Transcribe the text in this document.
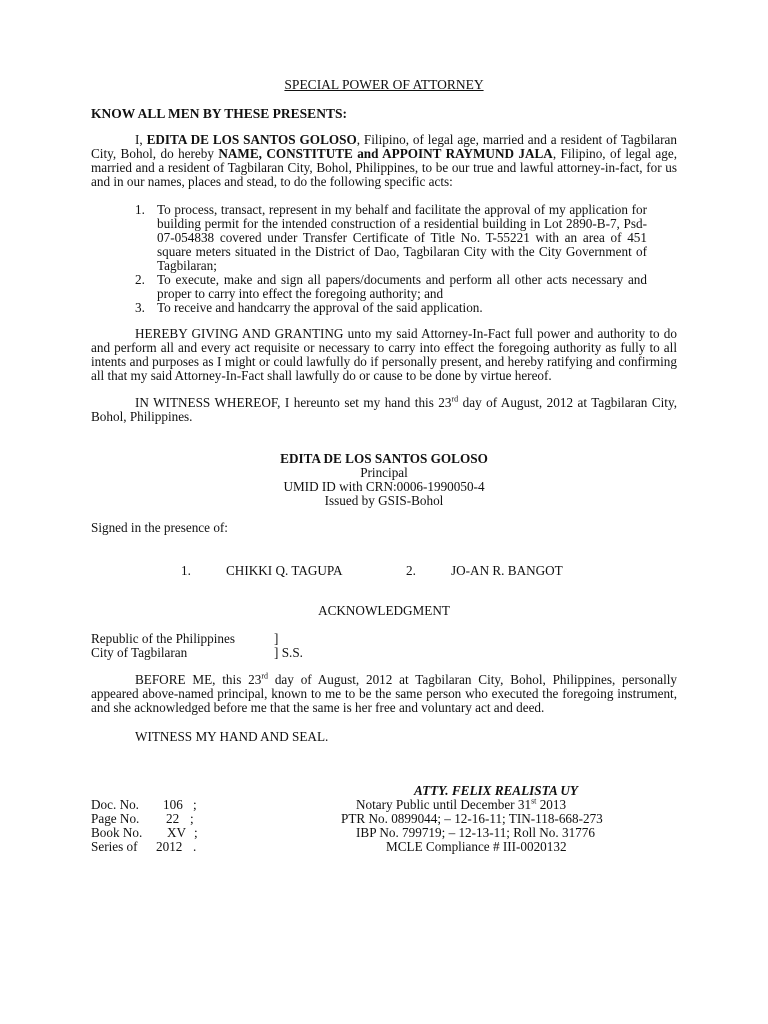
SPECIAL POWER OF ATTORNEY
KNOW ALL MEN BY THESE PRESENTS:
I, EDITA DE LOS SANTOS GOLOSO, Filipino, of legal age, married and a resident of Tagbilaran City, Bohol, do hereby NAME, CONSTITUTE and APPOINT RAYMUND JALA, Filipino, of legal age, married and a resident of Tagbilaran City, Bohol, Philippines, to be our true and lawful attorney-in-fact, for us and in our names, places and stead, to do the following specific acts:
1. To process, transact, represent in my behalf and facilitate the approval of my application for building permit for the intended construction of a residential building in Lot 2890-B-7, Psd-07-054838 covered under Transfer Certificate of Title No. T-55221 with an area of 451 square meters situated in the District of Dao, Tagbilaran City with the City Government of Tagbilaran;
2. To execute, make and sign all papers/documents and perform all other acts necessary and proper to carry into effect the foregoing authority; and
3. To receive and handcarry the approval of the said application.
HEREBY GIVING AND GRANTING unto my said Attorney-In-Fact full power and authority to do and perform all and every act requisite or necessary to carry into effect the foregoing authority as fully to all intents and purposes as I might or could lawfully do if personally present, and hereby ratifying and confirming all that my said Attorney-In-Fact shall lawfully do or cause to be done by virtue hereof.
IN WITNESS WHEREOF, I hereunto set my hand this 23rd day of August, 2012 at Tagbilaran City, Bohol, Philippines.
EDITA DE LOS SANTOS GOLOSO
Principal
UMID ID with CRN:0006-1990050-4
Issued by GSIS-Bohol
Signed in the presence of:
1.	CHIKKI Q. TAGUPA	2.	JO-AN R. BANGOT
ACKNOWLEDGMENT
Republic of the Philippines	]
City of Tagbilaran	] S.S.
BEFORE ME, this 23rd day of August, 2012 at Tagbilaran City, Bohol, Philippines, personally appeared above-named principal, known to me to be the same person who executed the foregoing instrument, and she acknowledged before me that the same is her free and voluntary act and deed.
WITNESS MY HAND AND SEAL.
ATTY. FELIX REALISTA UY
Notary Public until December 31st 2013
PTR No. 0899044; – 12-16-11; TIN-118-668-273
IBP No. 799719; – 12-13-11; Roll No. 31776
MCLE Compliance # III-0020132
Doc. No. 106 ;
Page No. 22 ;
Book No. XV ;
Series of 2012 .
